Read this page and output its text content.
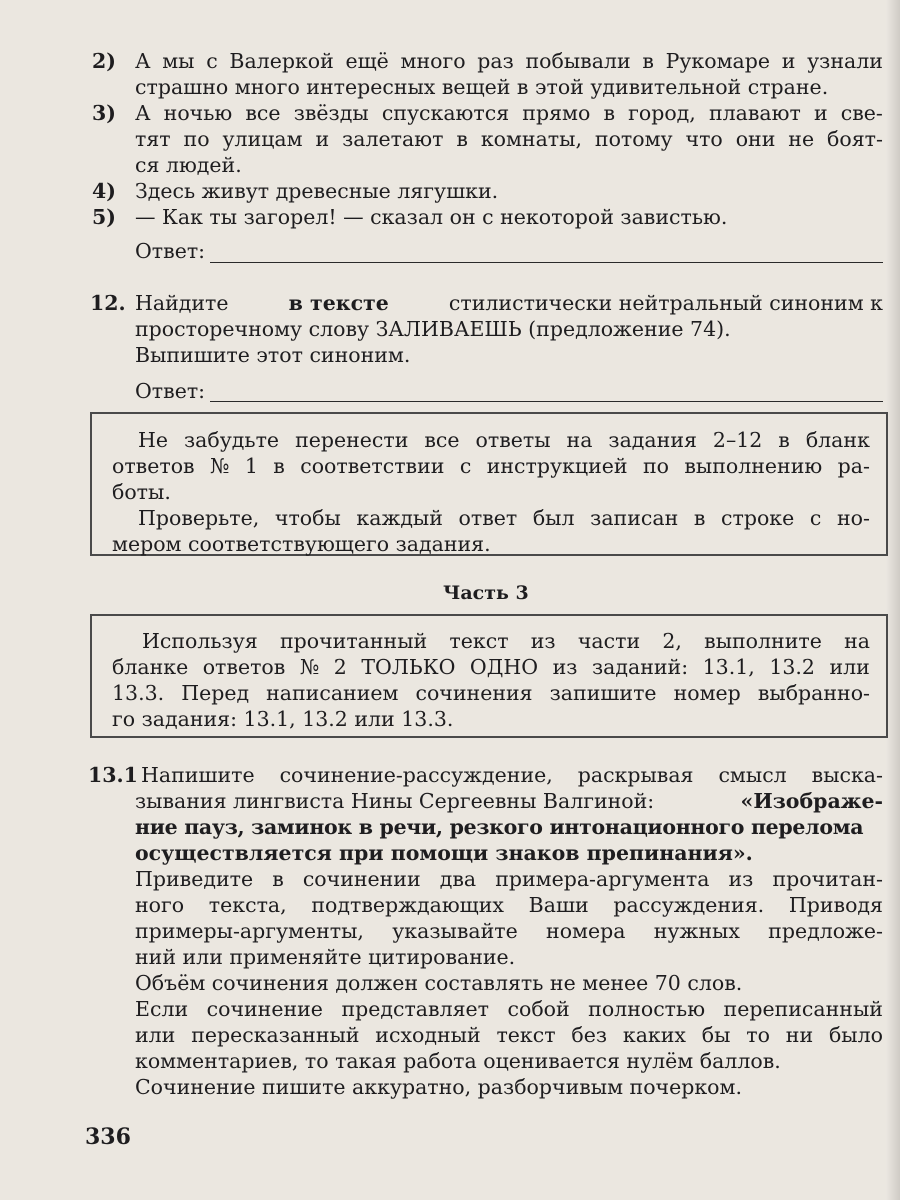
2) А мы с Валеркой ещё много раз побывали в Рукомаре и узнали
страшно много интересных вещей в этой удивительной стране.
3) А ночью все звёзды спускаются прямо в город, плавают и све-
тят по улицам и залетают в комнаты, потому что они не боят-
ся людей.
4) Здесь живут древесные лягушки.
5) — Как ты загорел! — сказал он с некоторой завистью.
Ответ:
12. Найдите	в тексте	стилистически нейтральный синоним к
просторечному слову ЗАЛИВАЕШЬ (предложение 74).
Выпишите этот синоним.
Ответ:
Не забудьте перенести все ответы на задания 2–12 в бланк
ответов № 1 в соответствии с инструкцией по выполнению ра-
боты.
Проверьте, чтобы каждый ответ был записан в строке с но-
мером соответствующего задания.
Часть 3
Используя прочитанный текст из части 2, выполните на
бланке ответов № 2 ТОЛЬКО ОДНО из заданий: 13.1, 13.2 или
13.3. Перед написанием сочинения запишите номер выбранно-
го задания: 13.1, 13.2 или 13.3.
13.1 Напишите сочинение-рассуждение, раскрывая смысл выска-
зывания лингвиста Нины Сергеевны Валгиной:	«Изображе-
ние пауз, заминок в речи, резкого интонационного перелома
осуществляется при помощи знаков препинания».
Приведите в сочинении два примера-аргумента из прочитан-
ного текста, подтверждающих Ваши рассуждения. Приводя
примеры-аргументы, указывайте номера нужных предложе-
ний или применяйте цитирование.
Объём сочинения должен составлять не менее 70 слов.
Если сочинение представляет собой полностью переписанный
или пересказанный исходный текст без каких бы то ни было
комментариев, то такая работа оценивается нулём баллов.
Сочинение пишите аккуратно, разборчивым почерком.
336
